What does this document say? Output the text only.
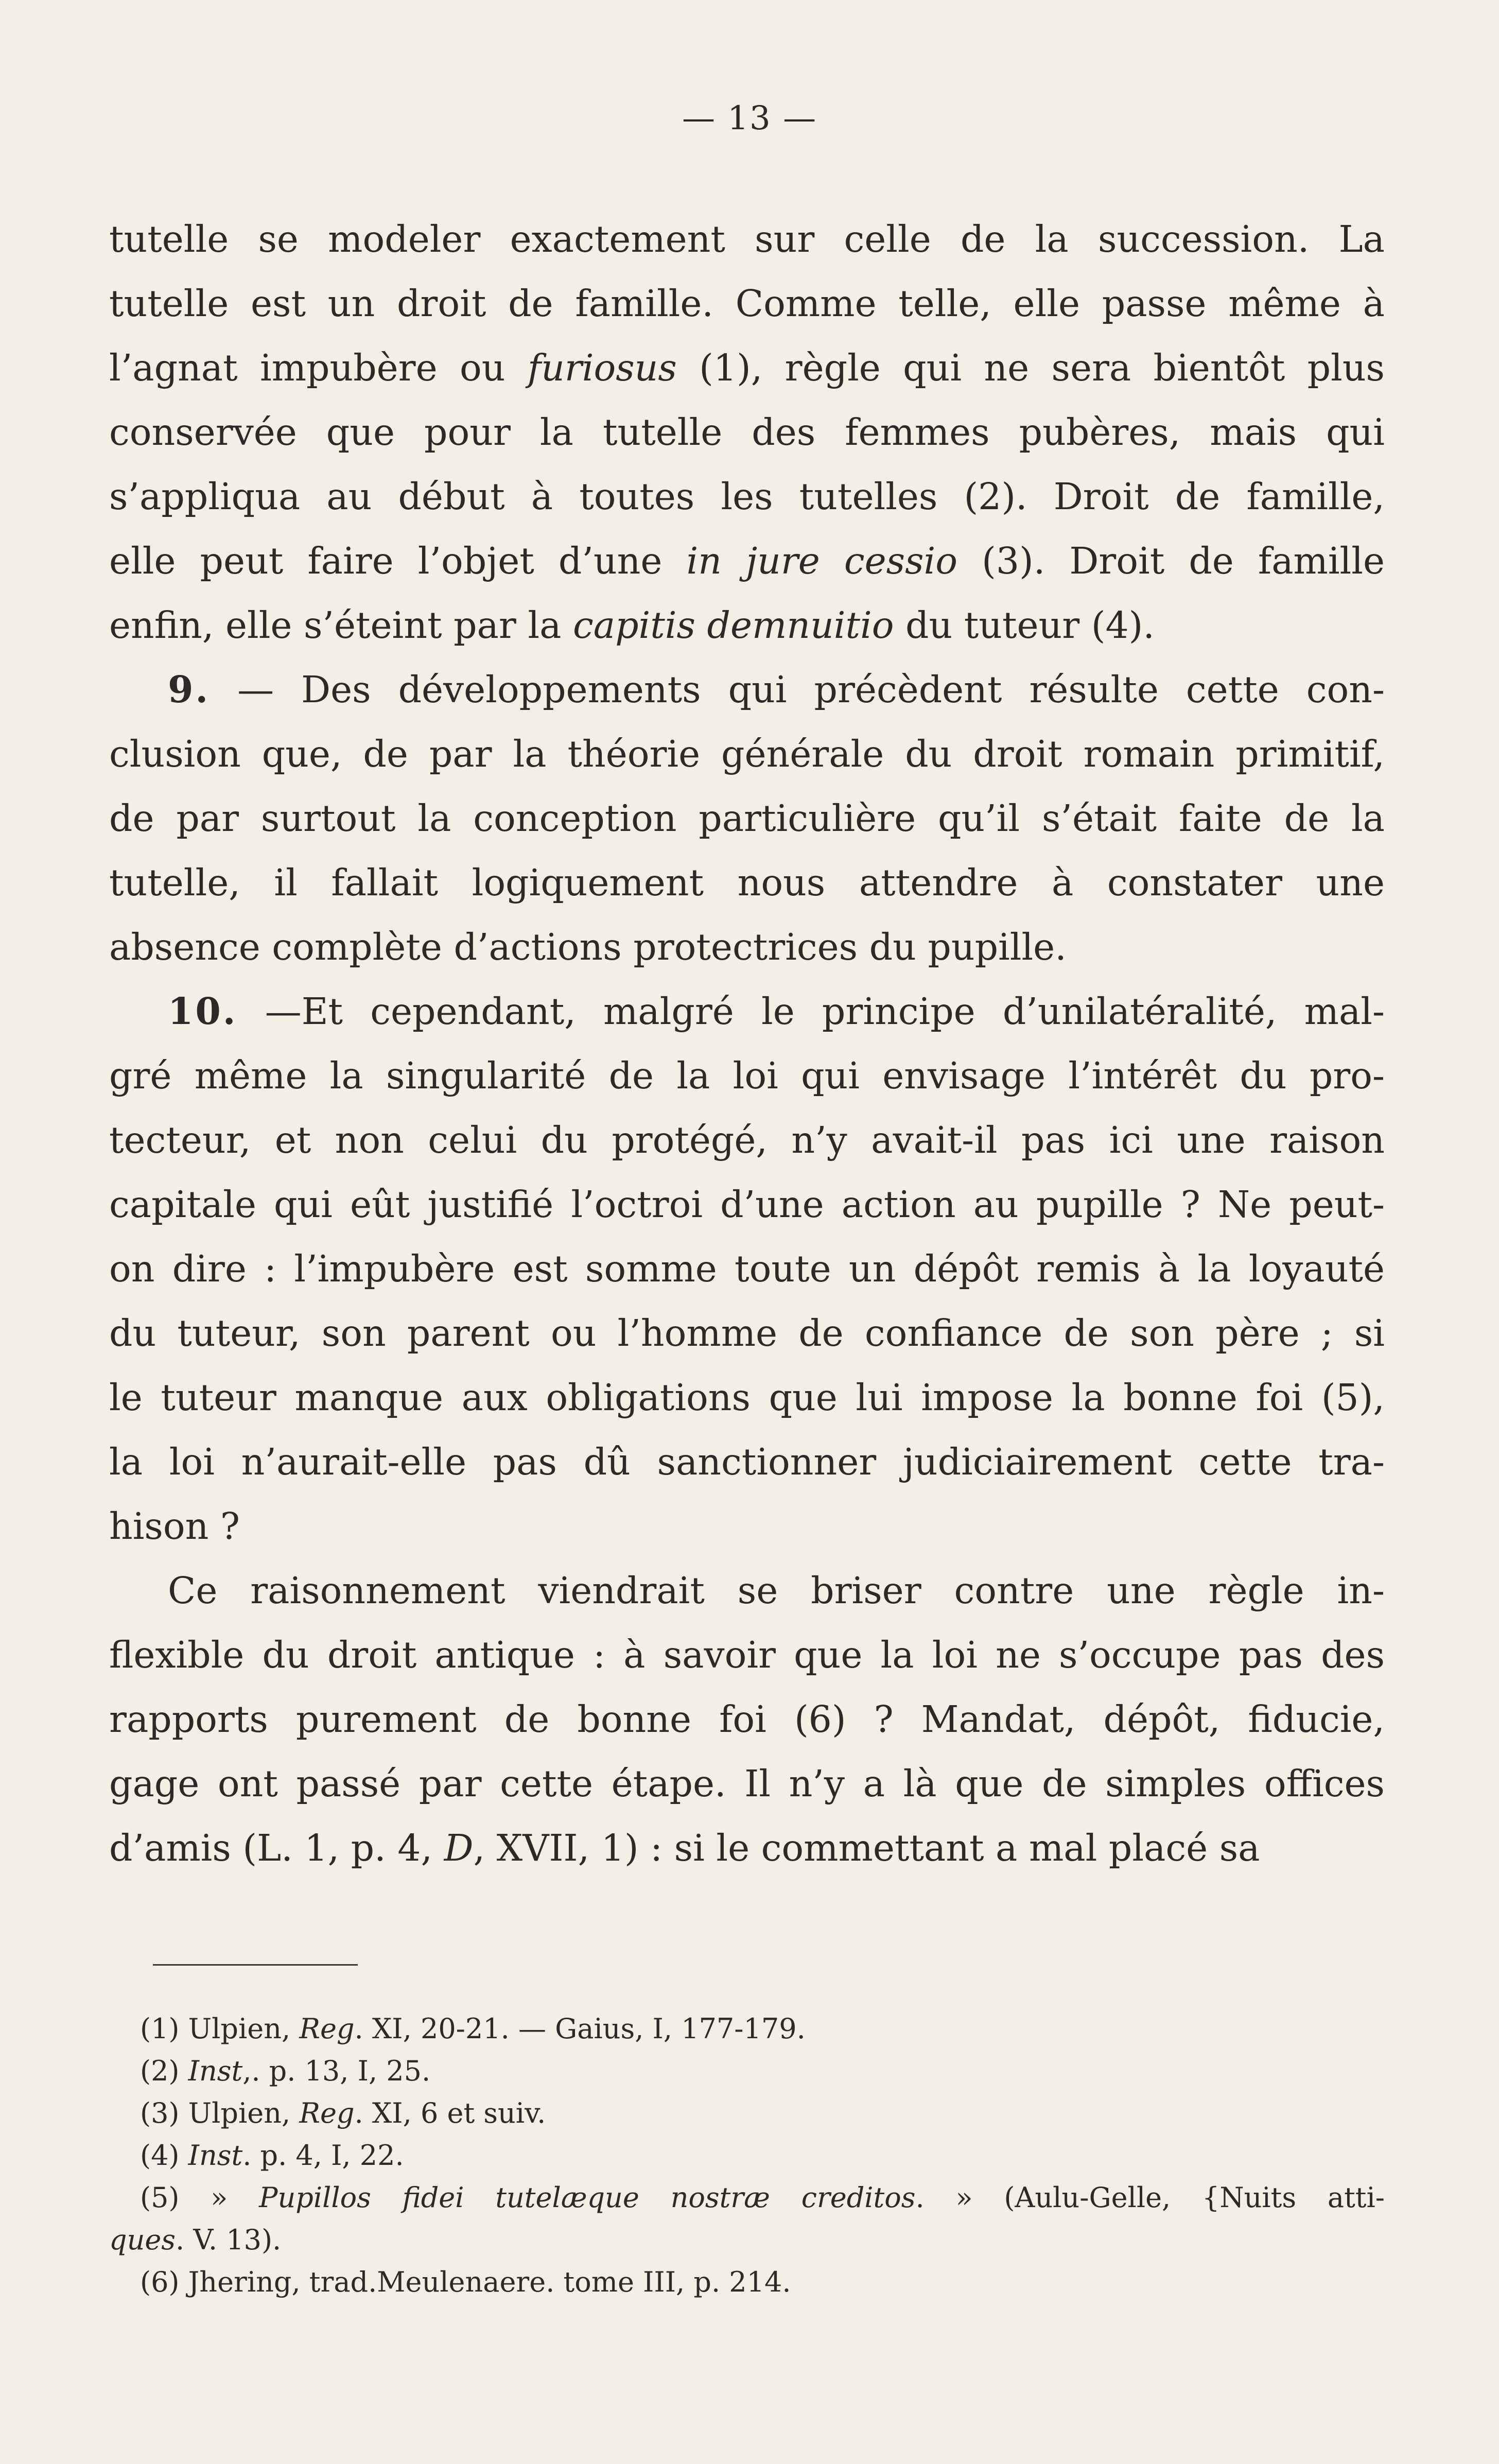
— 13 —
tutelle se modeler exactement sur celle de la succession. La
tutelle est un droit de famille. Comme telle, elle passe même à
l’agnat impubère ou furiosus (1), règle qui ne sera bientôt plus
conservée que pour la tutelle des femmes pubères, mais qui
s’appliqua au début à toutes les tutelles (2). Droit de famille,
elle peut faire l’objet d’une in jure cessio (3). Droit de famille
enfin, elle s’éteint par la capitis demnuitio du tuteur (4).
9. — Des développements qui précèdent résulte cette con-
clusion que, de par la théorie générale du droit romain primitif,
de par surtout la conception particulière qu’il s’était faite de la
tutelle, il fallait logiquement nous attendre à constater une
absence complète d’actions protectrices du pupille.
10. —Et cependant, malgré le principe d’unilatéralité, mal-
gré même la singularité de la loi qui envisage l’intérêt du pro-
tecteur, et non celui du protégé, n’y avait-il pas ici une raison
capitale qui eût justifié l’octroi d’une action au pupille ? Ne peut-
on dire : l’impubère est somme toute un dépôt remis à la loyauté
du tuteur, son parent ou l’homme de confiance de son père ; si
le tuteur manque aux obligations que lui impose la bonne foi (5),
la loi n’aurait-elle pas dû sanctionner judiciairement cette tra-
hison ?
Ce raisonnement viendrait se briser contre une règle in-
flexible du droit antique : à savoir que la loi ne s’occupe pas des
rapports purement de bonne foi (6) ? Mandat, dépôt, fiducie,
gage ont passé par cette étape. Il n’y a là que de simples offices
d’amis (L. 1, p. 4, D, XVII, 1) : si le commettant a mal placé sa
(1) Ulpien, Reg. XI, 20-21. — Gaius, I, 177-179.
(2) Inst,. p. 13, I, 25.
(3) Ulpien, Reg. XI, 6 et suiv.
(4) Inst. p. 4, I, 22.
(5) » Pupillos fidei tutelæque nostræ creditos. » (Aulu-Gelle, {Nuits atti-
ques. V. 13).
(6) Jhering, trad.Meulenaere. tome III, p. 214.
